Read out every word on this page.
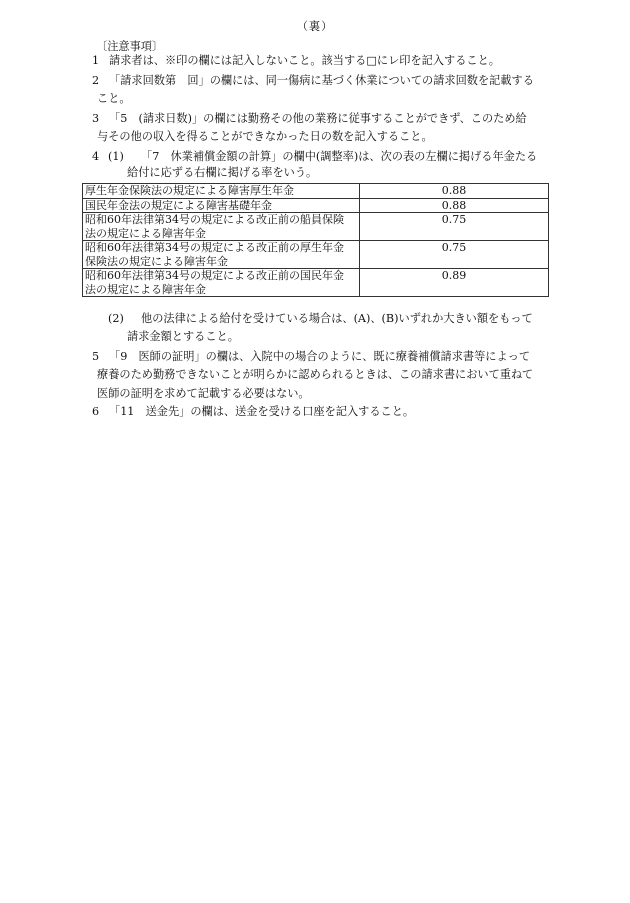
（裏）
〔注意事項〕
1 請求者は、※印の欄には記入しないこと。該当する□にレ印を記入すること。
2 「請求回数第　回」の欄には、同一傷病に基づく休業についての請求回数を記載する
こと。
3 「5　(請求日数)」の欄には勤務その他の業務に従事することができず、このため給
与その他の収入を得ることができなかった日の数を記入すること。
4 (1) 「7　休業補償金額の計算」の欄中(調整率)は、次の表の左欄に掲げる年金たる
給付に応ずる右欄に掲げる率をいう。
厚生年金保険法の規定による障害厚生年金	0.88
国民年金法の規定による障害基礎年金	0.88
昭和60年法律第34号の規定による改正前の船員保険
法の規定による障害年金	0.75
昭和60年法律第34号の規定による改正前の厚生年金
保険法の規定による障害年金	0.75
昭和60年法律第34号の規定による改正前の国民年金
法の規定による障害年金	0.89
(2) 他の法律による給付を受けている場合は、(A)、(B)いずれか大きい額をもって
請求金額とすること。
5 「9　医師の証明」の欄は、入院中の場合のように、既に療養補償請求書等によって
療養のため勤務できないことが明らかに認められるときは、この請求書において重ねて
医師の証明を求めて記載する必要はない。
6 「11　送金先」の欄は、送金を受ける口座を記入すること。
